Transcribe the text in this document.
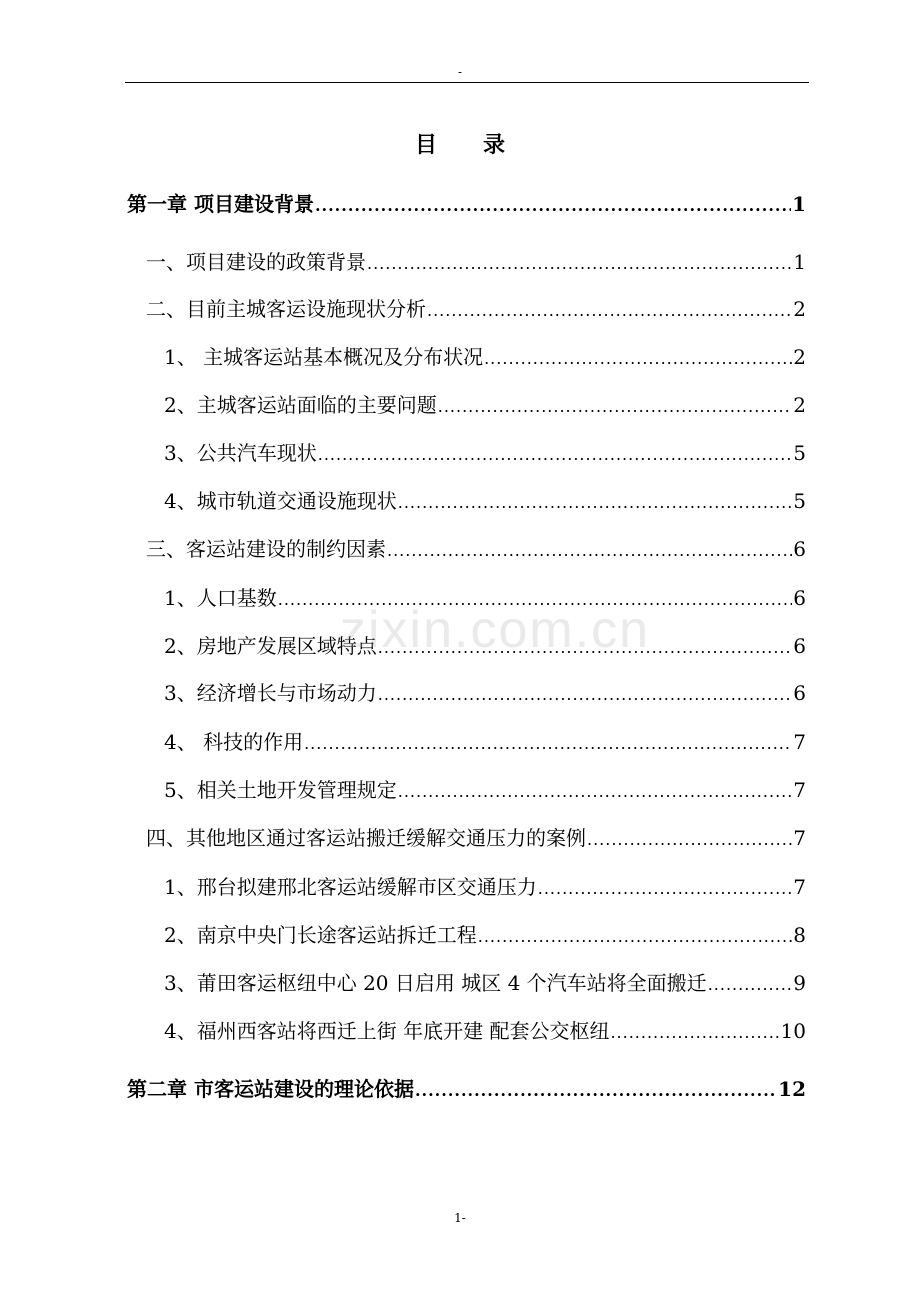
-
目 录
第一章 项目建设背景 .....	1
一、项目建设的政策背景 .....	1
二、目前主城客运设施现状分析 .....	2
1、 主城客运站基本概况及分布状况 .....	2
2、主城客运站面临的主要问题 .....	2
3、公共汽车现状 .....	5
4、城市轨道交通设施现状 .....	5
三、客运站建设的制约因素 .....	6
1、人口基数 .....	6
2、房地产发展区域特点 .....	6
3、经济增长与市场动力 .....	6
4、 科技的作用 .....	7
5、相关土地开发管理规定 .....	7
四、其他地区通过客运站搬迁缓解交通压力的案例 .....	7
1、邢台拟建邢北客运站缓解市区交通压力 .....	7
2、南京中央门长途客运站拆迁工程 .....	8
3、莆田客运枢纽中心 20 日启用 城区 4 个汽车站将全面搬迁 .....	9
4、福州西客站将西迁上街 年底开建 配套公交枢纽 .....	10
第二章 市客运站建设的理论依据 .....	12
zixin.com.cn
1-
